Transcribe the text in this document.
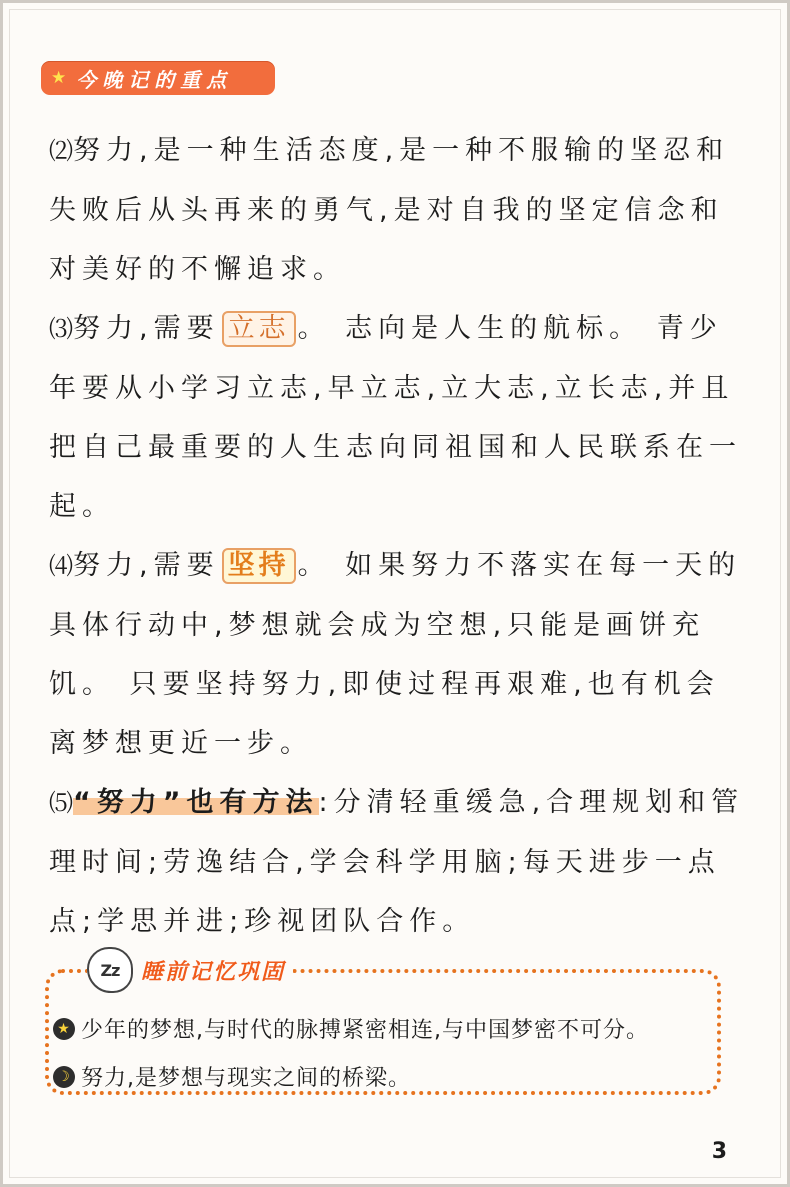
★ 今晚记的重点

⑵努力,是一种生活态度,是一种不服输的坚忍和失败后从头再来的勇气,是对自我的坚定信念和对美好的不懈追求。

⑶努力,需要 立志 。 志向是人生的航标。 青少年要从小学习立志,早立志,立大志,立长志,并且把自己最重要的人生志向同祖国和人民联系在一起。

⑷努力,需要 坚持 。 如果努力不落实在每一天的具体行动中,梦想就会成为空想,只能是画饼充饥。 只要坚持努力,即使过程再艰难,也有机会离梦想更近一步。

⑸“努力”也有方法:分清轻重缓急,合理规划和管理时间;劳逸结合,学会科学用脑;每天进步一点点;学思并进;珍视团队合作。

Zz 睡前记忆巩固
★ 少年的梦想,与时代的脉搏紧密相连,与中国梦密不可分。
☽ 努力,是梦想与现实之间的桥梁。
3
